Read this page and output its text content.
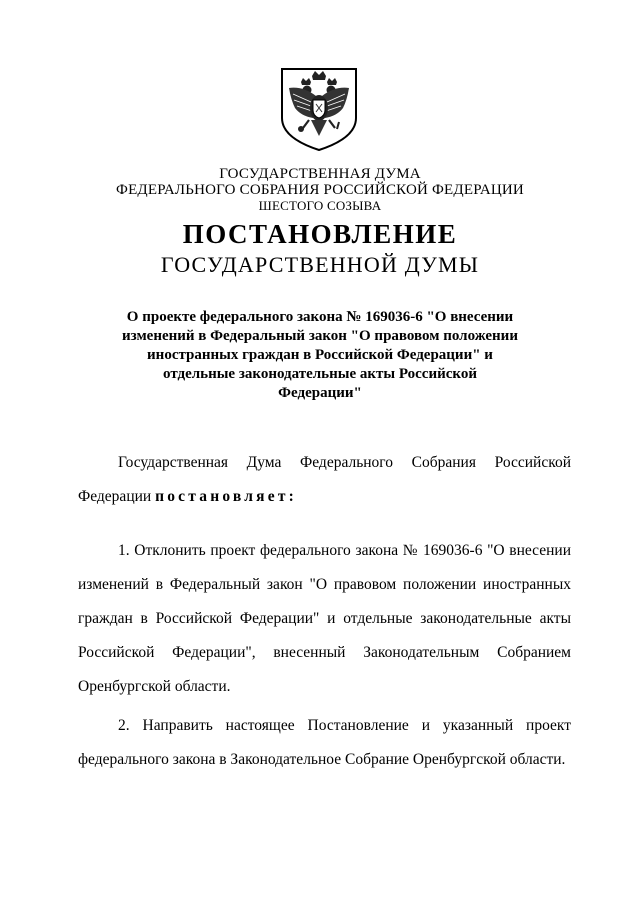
ГОСУДАРСТВЕННАЯ ДУМА
ФЕДЕРАЛЬНОГО СОБРАНИЯ РОССИЙСКОЙ ФЕДЕРАЦИИ
ШЕСТОГО СОЗЫВА
ПОСТАНОВЛЕНИЕ
ГОСУДАРСТВЕННОЙ ДУМЫ
О проекте федерального закона № 169036-6 "О внесении
изменений в Федеральный закон "О правовом положении
иностранных граждан в Российской Федерации" и
отдельные законодательные акты Российской
Федерации"
Государственная Дума Федерального Собрания Российской
Федерации постановляет:
1. Отклонить проект федерального закона № 169036-6 "О внесении
изменений в Федеральный закон "О правовом положении иностранных
граждан в Российской Федерации" и отдельные законодательные акты
Российской Федерации", внесенный Законодательным Собранием
Оренбургской области.
2. Направить настоящее Постановление и указанный проект
федерального закона в Законодательное Собрание Оренбургской области.
